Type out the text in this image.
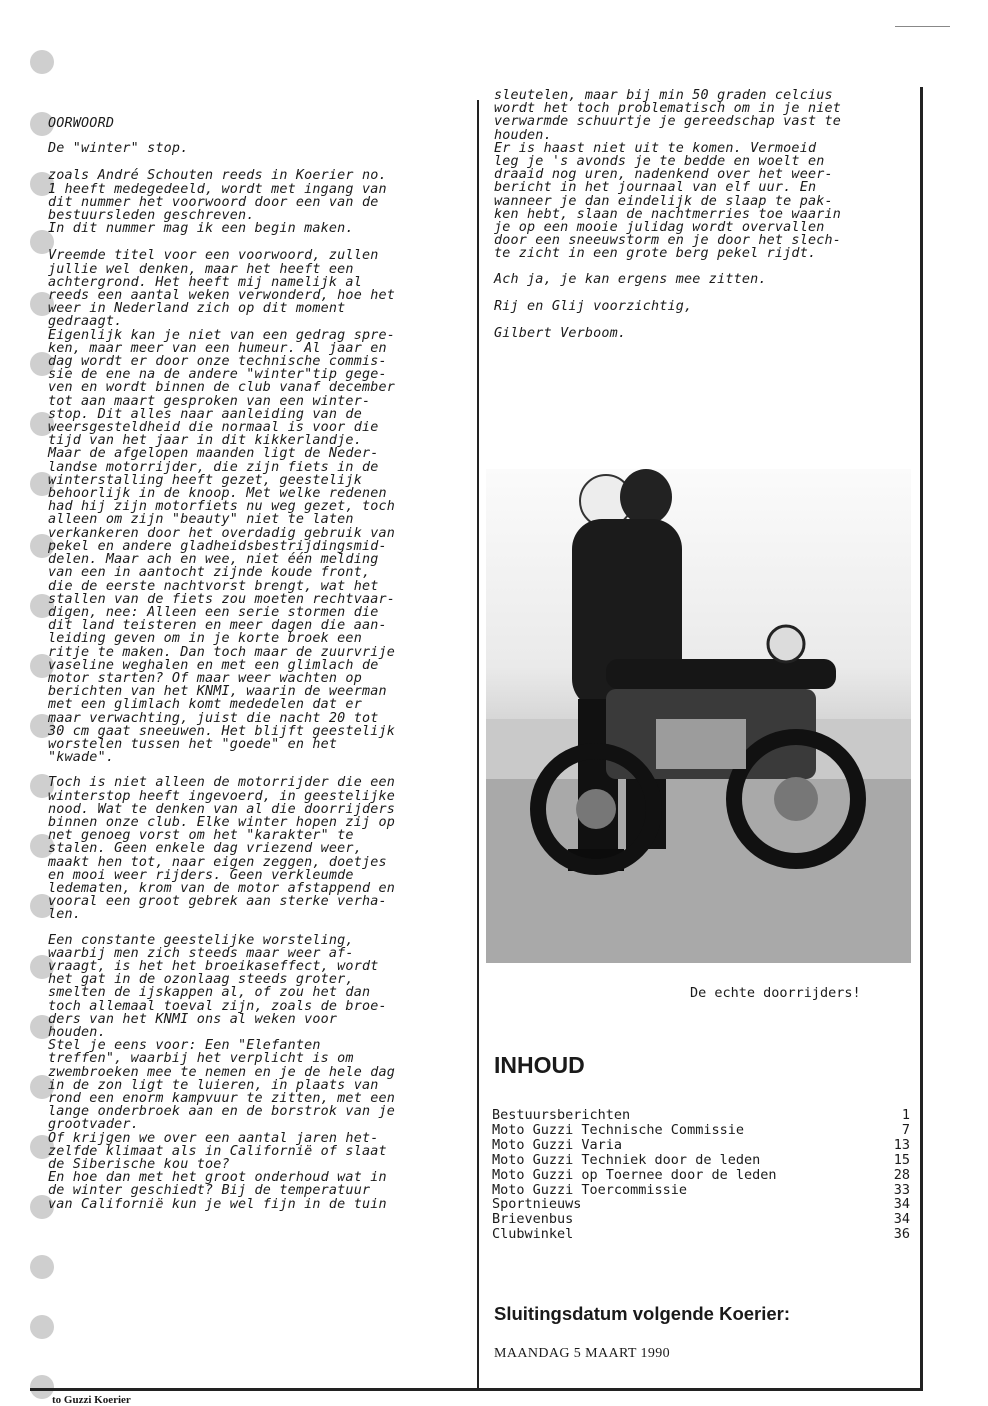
OORWOORD

De "winter" stop.

zoals André Schouten reeds in Koerier no.
1 heeft medegedeeld, wordt met ingang van
dit nummer het voorwoord door een van de
bestuursleden geschreven.

In dit nummer mag ik een begin maken.

Vreemde titel voor een voorwoord, zullen
jullie wel denken, maar het heeft een
achtergrond. Het heeft mij namelijk al
reeds een aantal weken verwonderd, hoe het
weer in Nederland zich op dit moment
gedraagt.
Eigenlijk kan je niet van een gedrag spre-
ken, maar meer van een humeur. Al jaar en
dag wordt er door onze technische commis-
sie de ene na de andere "winter"tip gege-
ven en wordt binnen de club vanaf december
tot aan maart gesproken van een winter-
stop. Dit alles naar aanleiding van de
weersgesteldheid die normaal is voor die
tijd van het jaar in dit kikkerlandje.
Maar de afgelopen maanden ligt de Neder-
landse motorrijder, die zijn fiets in de
winterstalling heeft gezet, geestelijk
behoorlijk in de knoop. Met welke redenen
had hij zijn motorfiets nu weg gezet, toch
alleen om zijn "beauty" niet te laten
verkankeren door het overdadig gebruik van
pekel en andere gladheidsbestrijdingsmid-
delen. Maar ach en wee, niet één melding
van een in aantocht zijnde koude front,
die de eerste nachtvorst brengt, wat het
stallen van de fiets zou moeten rechtvaar-
digen, nee: Alleen een serie stormen die
dit land teisteren en meer dagen die aan-
leiding geven om in je korte broek een
ritje te maken. Dan toch maar de zuurvrije
vaseline weghalen en met een glimlach de
motor starten? Of maar weer wachten op
berichten van het KNMI, waarin de weerman
met een glimlach komt mededelen dat er
maar verwachting, juist die nacht 20 tot
30 cm gaat sneeuwen. Het blijft geestelijk
worstelen tussen het "goede" en het
"kwade".

Toch is niet alleen de motorrijder die een
winterstop heeft ingevoerd, in geestelijke
nood. Wat te denken van al die doorrijders
binnen onze club. Elke winter hopen zij op
net genoeg vorst om het "karakter" te
stalen. Geen enkele dag vriezend weer,
maakt hen tot, naar eigen zeggen, doetjes
en mooi weer rijders. Geen verkleumde
ledematen, krom van de motor afstappend en
vooral een groot gebrek aan sterke verha-
len.

Een constante geestelijke worsteling,
waarbij men zich steeds maar weer af-
vraagt, is het het broeikaseffect, wordt
het gat in de ozonlaag steeds groter,
smelten de ijskappen al, of zou het dan
toch allemaal toeval zijn, zoals de broe-
ders van het KNMI ons al weken voor
houden.
Stel je eens voor: Een "Elefanten
treffen", waarbij het verplicht is om
zwembroeken mee te nemen en je de hele dag
in de zon ligt te luieren, in plaats van
rond een enorm kampvuur te zitten, met een
lange onderbroek aan en de borstrok van je
grootvader.
Of krijgen we over een aantal jaren het-
zelfde klimaat als in Californië of slaat
de Siberische kou toe?
En hoe dan met het groot onderhoud wat in
de winter geschiedt? Bij de temperatuur
van Californië kun je wel fijn in de tuin

sleutelen, maar bij min 50 graden celcius
wordt het toch problematisch om in je niet
verwarmde schuurtje je gereedschap vast te
houden.
Er is haast niet uit te komen. Vermoeid
leg je 's avonds je te bedde en woelt en
draaid nog uren, nadenkend over het weer-
bericht in het journaal van elf uur. En
wanneer je dan eindelijk de slaap te pak-
ken hebt, slaan de nachtmerries toe waarin
je op een mooie julidag wordt overvallen
door een sneeuwstorm en je door het slech-
te zicht in een grote berg pekel rijdt.

Ach ja, je kan ergens mee zitten.

Rij en Glij voorzichtig,

Gilbert Verboom.

De echte doorrijders!
INHOUD
Bestuursberichten	1
Moto Guzzi Technische Commissie	7
Moto Guzzi Varia	13
Moto Guzzi Techniek door de leden	15
Moto Guzzi op Toernee door de leden	28
Moto Guzzi Toercommissie	33
Sportnieuws	34
Brievenbus	34
Clubwinkel	36
Sluitingsdatum volgende Koerier:
MAANDAG 5 MAART 1990
to Guzzi Koerier
